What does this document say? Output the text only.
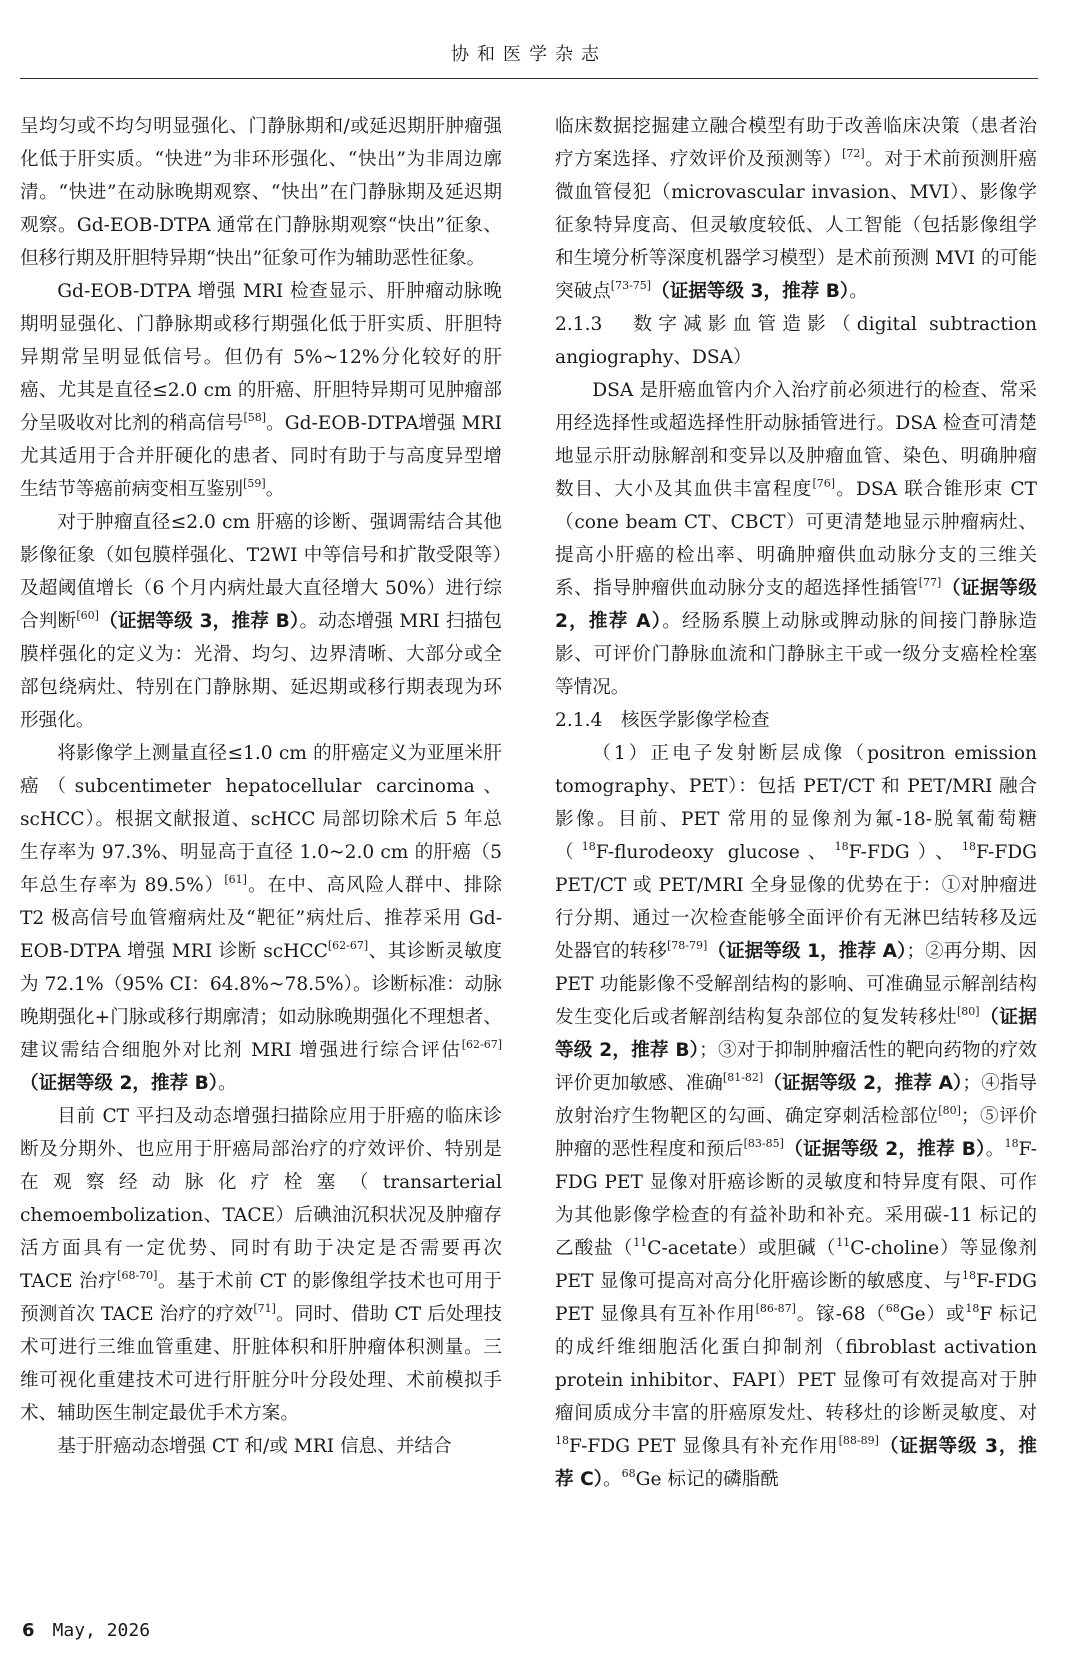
协和医学杂志

呈均匀或不均匀明显强化、门静脉期和/或延迟期肝肿瘤强化低于肝实质。“快进”为非环形强化、“快出”为非周边廓清。“快进”在动脉晚期观察、“快出”在门静脉期及延迟期观察。Gd-EOB-DTPA 通常在门静脉期观察“快出”征象、但移行期及肝胆特异期“快出”征象可作为辅助恶性征象。

Gd-EOB-DTPA 增强 MRI 检查显示、肝肿瘤动脉晚期明显强化、门静脉期或移行期强化低于肝实质、肝胆特异期常呈明显低信号。但仍有 5%~12%分化较好的肝癌、尤其是直径≤2.0 cm 的肝癌、肝胆特异期可见肿瘤部分呈吸收对比剂的稍高信号[58]。Gd-EOB-DTPA增强 MRI 尤其适用于合并肝硬化的患者、同时有助于与高度异型增生结节等癌前病变相互鉴别[59]。

对于肿瘤直径≤2.0 cm 肝癌的诊断、强调需结合其他影像征象（如包膜样强化、T2WI 中等信号和扩散受限等）及超阈值增长（6 个月内病灶最大直径增大 50%）进行综合判断[60]（证据等级 3，推荐 B）。动态增强 MRI 扫描包膜样强化的定义为：光滑、均匀、边界清晰、大部分或全部包绕病灶、特别在门静脉期、延迟期或移行期表现为环形强化。

将影像学上测量直径≤1.0 cm 的肝癌定义为亚厘米肝癌（subcentimeter hepatocellular carcinoma、scHCC）。根据文献报道、scHCC 局部切除术后 5 年总生存率为 97.3%、明显高于直径 1.0~2.0 cm 的肝癌（5 年总生存率为 89.5%）[61]。在中、高风险人群中、排除 T2 极高信号血管瘤病灶及“靶征”病灶后、推荐采用 Gd-EOB-DTPA 增强 MRI 诊断 scHCC[62-67]、其诊断灵敏度为 72.1%（95% CI：64.8%~78.5%）。诊断标准：动脉晚期强化+门脉或移行期廓清；如动脉晚期强化不理想者、建议需结合细胞外对比剂 MRI 增强进行综合评估[62-67]（证据等级 2，推荐 B）。

目前 CT 平扫及动态增强扫描除应用于肝癌的临床诊断及分期外、也应用于肝癌局部治疗的疗效评价、特别是在观察经动脉化疗栓塞（transarterial chemoembolization、TACE）后碘油沉积状况及肿瘤存活方面具有一定优势、同时有助于决定是否需要再次 TACE 治疗[68-70]。基于术前 CT 的影像组学技术也可用于预测首次 TACE 治疗的疗效[71]。同时、借助 CT 后处理技术可进行三维血管重建、肝脏体积和肝肿瘤体积测量。三维可视化重建技术可进行肝脏分叶分段处理、术前模拟手术、辅助医生制定最优手术方案。

基于肝癌动态增强 CT 和/或 MRI 信息、并结合

临床数据挖掘建立融合模型有助于改善临床决策（患者治疗方案选择、疗效评价及预测等）[72]。对于术前预测肝癌微血管侵犯（microvascular invasion、MVI）、影像学征象特异度高、但灵敏度较低、人工智能（包括影像组学和生境分析等深度机器学习模型）是术前预测 MVI 的可能突破点[73-75]（证据等级 3，推荐 B）。

2.1.3　数字减影血管造影（digital subtraction angiography、DSA）

DSA 是肝癌血管内介入治疗前必须进行的检查、常采用经选择性或超选择性肝动脉插管进行。DSA 检查可清楚地显示肝动脉解剖和变异以及肿瘤血管、染色、明确肿瘤数目、大小及其血供丰富程度[76]。DSA 联合锥形束 CT（cone beam CT、CBCT）可更清楚地显示肿瘤病灶、提高小肝癌的检出率、明确肿瘤供血动脉分支的三维关系、指导肿瘤供血动脉分支的超选择性插管[77]（证据等级 2，推荐 A）。经肠系膜上动脉或脾动脉的间接门静脉造影、可评价门静脉血流和门静脉主干或一级分支癌栓栓塞等情况。

2.1.4　核医学影像学检查

（1）正电子发射断层成像（positron emission tomography、PET）：包括 PET/CT 和 PET/MRI 融合影像。目前、PET 常用的显像剂为氟-18-脱氧葡萄糖（$^{18}$F-flurodeoxy glucose、$^{18}$F-FDG）、$^{18}$F-FDG PET/CT 或 PET/MRI 全身显像的优势在于：①对肿瘤进行分期、通过一次检查能够全面评价有无淋巴结转移及远处器官的转移[78-79]（证据等级 1，推荐 A）；②再分期、因 PET 功能影像不受解剖结构的影响、可准确显示解剖结构发生变化后或者解剖结构复杂部位的复发转移灶[80]（证据等级 2，推荐 B）；③对于抑制肿瘤活性的靶向药物的疗效评价更加敏感、准确[81-82]（证据等级 2，推荐 A）；④指导放射治疗生物靶区的勾画、确定穿刺活检部位[80]；⑤评价肿瘤的恶性程度和预后[83-85]（证据等级 2，推荐 B）。$^{18}$F-FDG PET 显像对肝癌诊断的灵敏度和特异度有限、可作为其他影像学检查的有益补助和补充。采用碳-11 标记的乙酸盐（$^{11}$C-acetate）或胆碱（$^{11}$C-choline）等显像剂 PET 显像可提高对高分化肝癌诊断的敏感度、与$^{18}$F-FDG PET 显像具有互补作用[86-87]。镓-68（$^{68}$Ge）或$^{18}$F 标记的成纤维细胞活化蛋白抑制剂（fibroblast activation protein inhibitor、FAPI）PET 显像可有效提高对于肿瘤间质成分丰富的肝癌原发灶、转移灶的诊断灵敏度、对$^{18}$F-FDG PET 显像具有补充作用[88-89]（证据等级 3，推荐 C）。$^{68}$Ge 标记的磷脂酰

6 May, 2026
